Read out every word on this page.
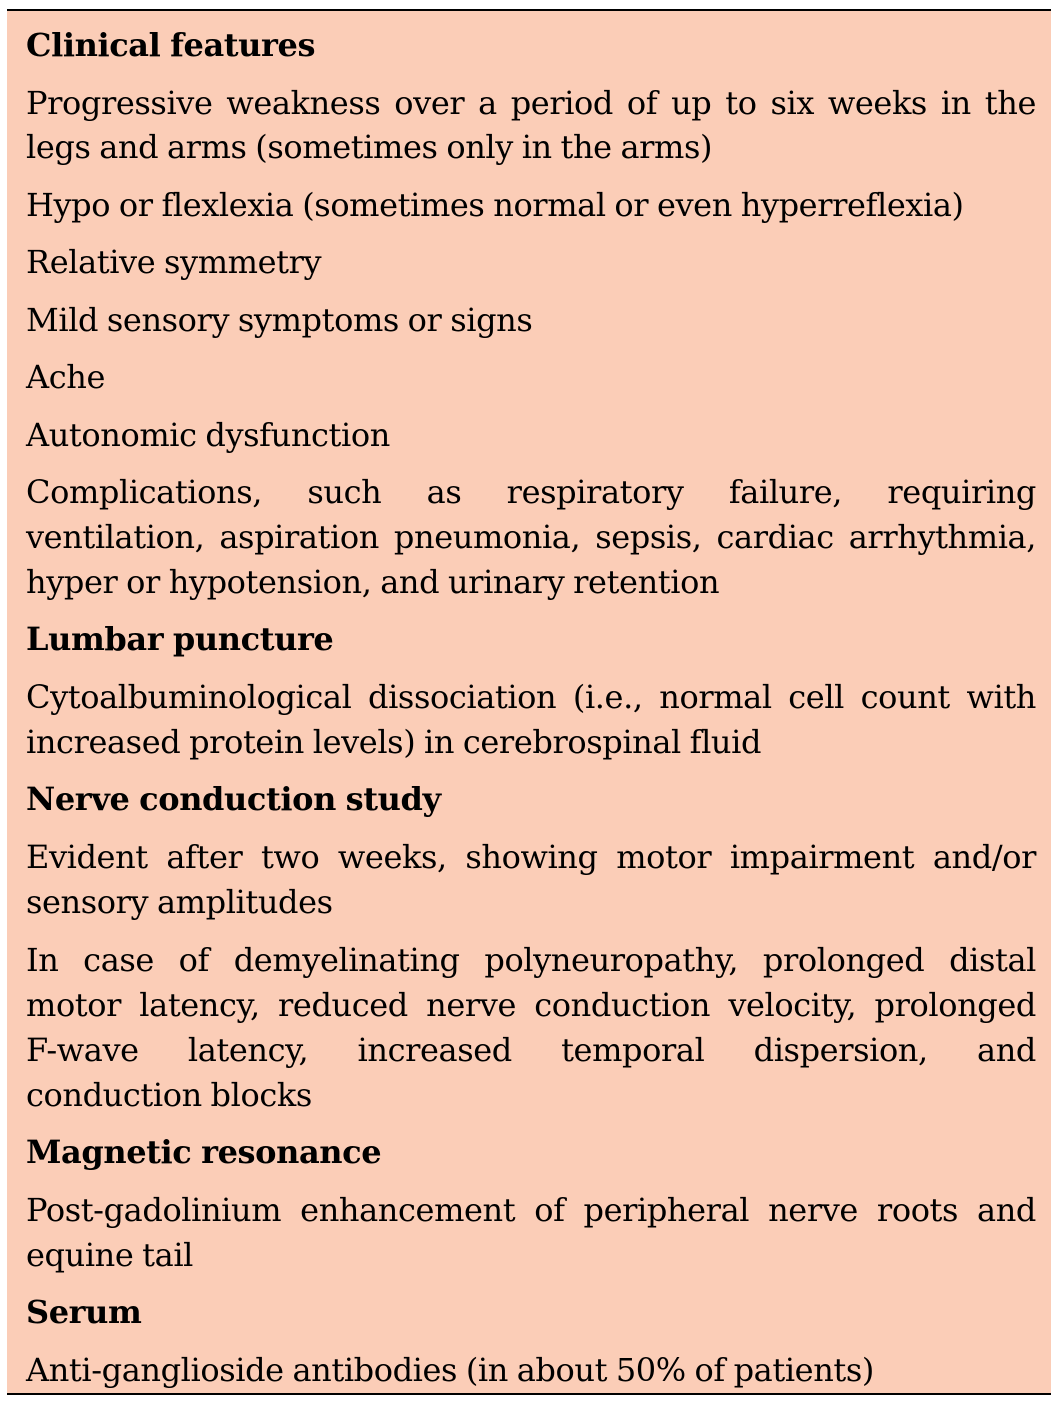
Clinical features
Progressive weakness over a period of up to six weeks in the
legs and arms (sometimes only in the arms)
Hypo or flexlexia (sometimes normal or even hyperreflexia)
Relative symmetry
Mild sensory symptoms or signs
Ache
Autonomic dysfunction
Complications, such as respiratory failure, requiring
ventilation, aspiration pneumonia, sepsis, cardiac arrhythmia,
hyper or hypotension, and urinary retention
Lumbar puncture
Cytoalbuminological dissociation (i.e., normal cell count with
increased protein levels) in cerebrospinal fluid
Nerve conduction study
Evident after two weeks, showing motor impairment and/or
sensory amplitudes
In case of demyelinating polyneuropathy, prolonged distal
motor latency, reduced nerve conduction velocity, prolonged
F-wave latency, increased temporal dispersion, and
conduction blocks
Magnetic resonance
Post-gadolinium enhancement of peripheral nerve roots and
equine tail
Serum
Anti-ganglioside antibodies (in about 50% of patients)
